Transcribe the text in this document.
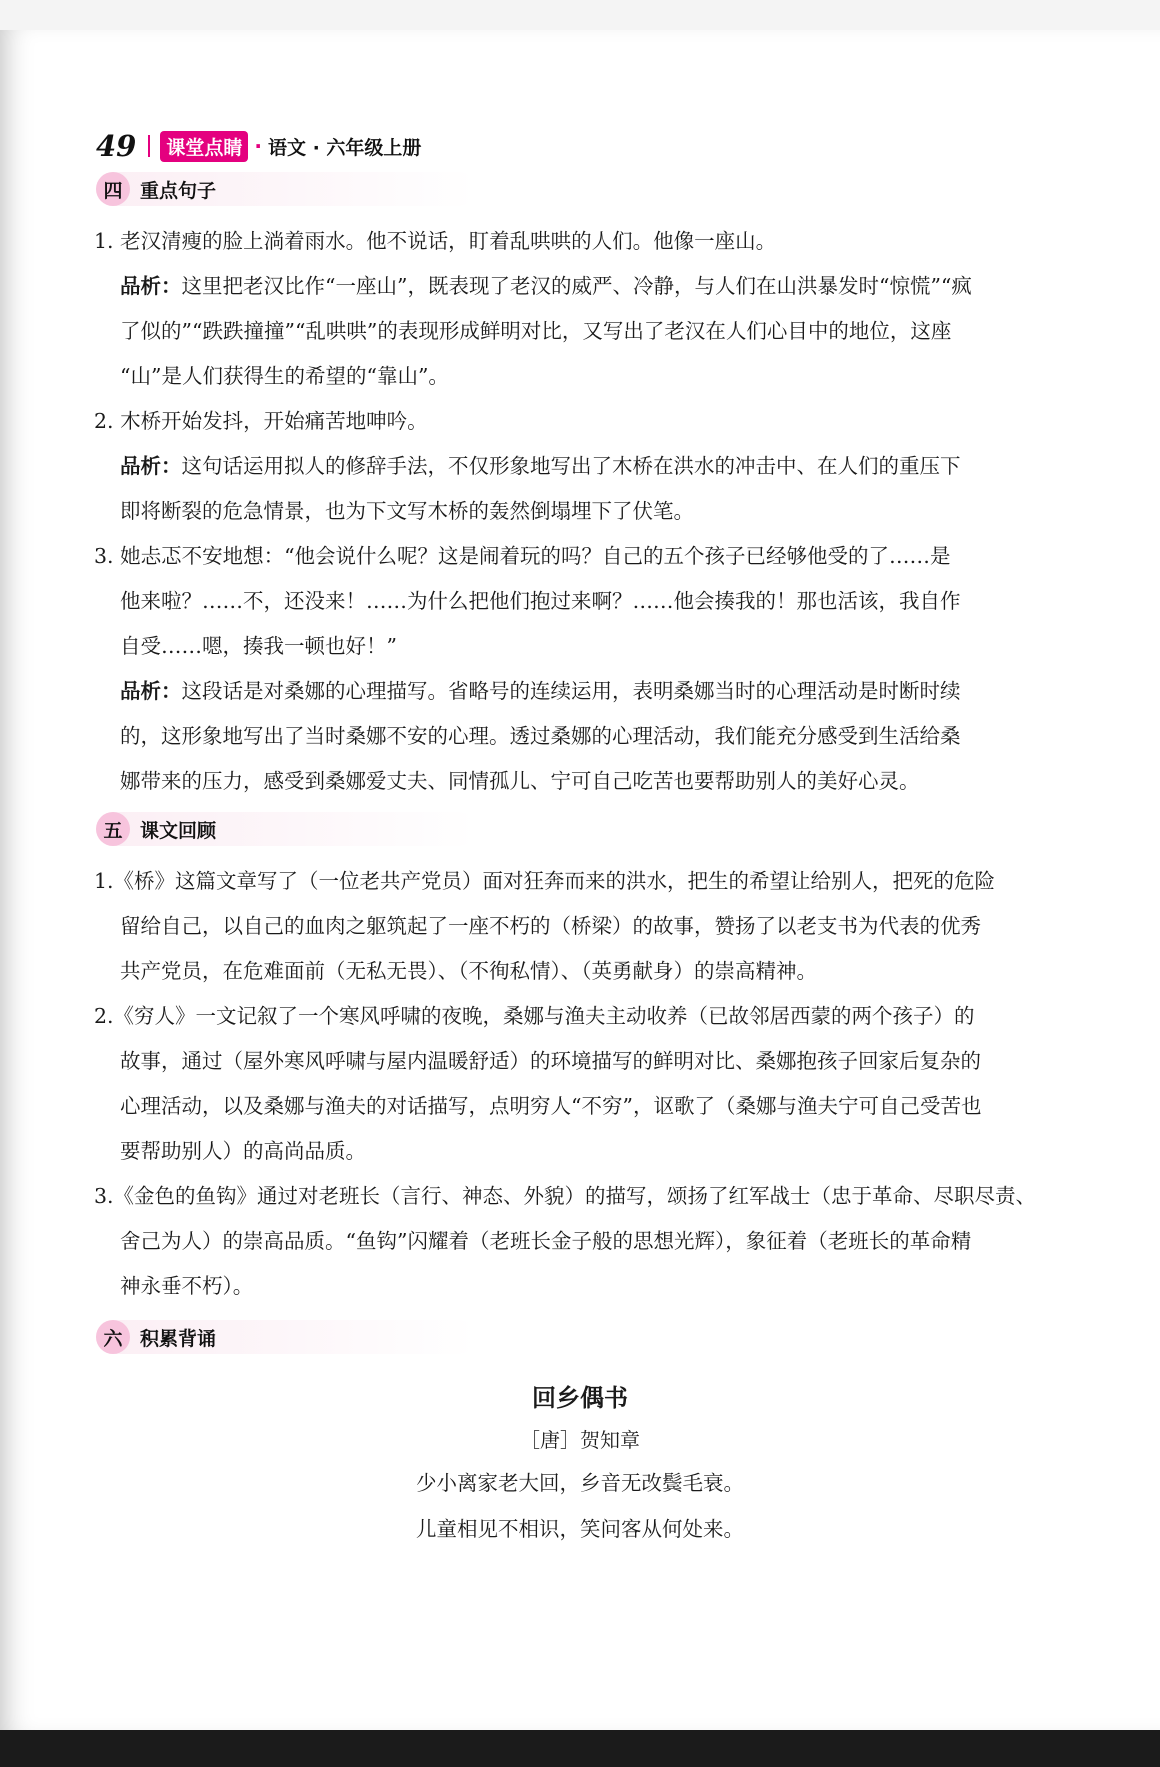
49	课堂点睛 · 语文 · 六年级上册
四 重点句子
1. 老汉清瘦的脸上淌着雨水。他不说话，盯着乱哄哄的人们。他像一座山。
品析：这里把老汉比作“一座山”，既表现了老汉的威严、冷静，与人们在山洪暴发时“惊慌”“疯
了似的”“跌跌撞撞”“乱哄哄”的表现形成鲜明对比，又写出了老汉在人们心目中的地位，这座
“山”是人们获得生的希望的“靠山”。
2. 木桥开始发抖，开始痛苦地呻吟。
品析：这句话运用拟人的修辞手法，不仅形象地写出了木桥在洪水的冲击中、在人们的重压下
即将断裂的危急情景，也为下文写木桥的轰然倒塌埋下了伏笔。
3. 她忐忑不安地想：“他会说什么呢？这是闹着玩的吗？自己的五个孩子已经够他受的了……是
他来啦？……不，还没来！……为什么把他们抱过来啊？……他会揍我的！那也活该，我自作
自受……嗯，揍我一顿也好！”
品析：这段话是对桑娜的心理描写。省略号的连续运用，表明桑娜当时的心理活动是时断时续
的，这形象地写出了当时桑娜不安的心理。透过桑娜的心理活动，我们能充分感受到生活给桑
娜带来的压力，感受到桑娜爱丈夫、同情孤儿、宁可自己吃苦也要帮助别人的美好心灵。
五 课文回顾
1.《桥》这篇文章写了（一位老共产党员）面对狂奔而来的洪水，把生的希望让给别人，把死的危险
留给自己，以自己的血肉之躯筑起了一座不朽的（桥梁）的故事，赞扬了以老支书为代表的优秀
共产党员，在危难面前（无私无畏）、（不徇私情）、（英勇献身）的崇高精神。
2.《穷人》一文记叙了一个寒风呼啸的夜晚，桑娜与渔夫主动收养（已故邻居西蒙的两个孩子）的
故事，通过（屋外寒风呼啸与屋内温暖舒适）的环境描写的鲜明对比、桑娜抱孩子回家后复杂的
心理活动，以及桑娜与渔夫的对话描写，点明穷人“不穷”，讴歌了（桑娜与渔夫宁可自己受苦也
要帮助别人）的高尚品质。
3.《金色的鱼钩》通过对老班长（言行、神态、外貌）的描写，颂扬了红军战士（忠于革命、尽职尽责、
舍己为人）的崇高品质。“鱼钩”闪耀着（老班长金子般的思想光辉），象征着（老班长的革命精
神永垂不朽）。
六 积累背诵
回乡偶书
［唐］贺知章
少小离家老大回，乡音无改鬓毛衰。
儿童相见不相识，笑问客从何处来。
